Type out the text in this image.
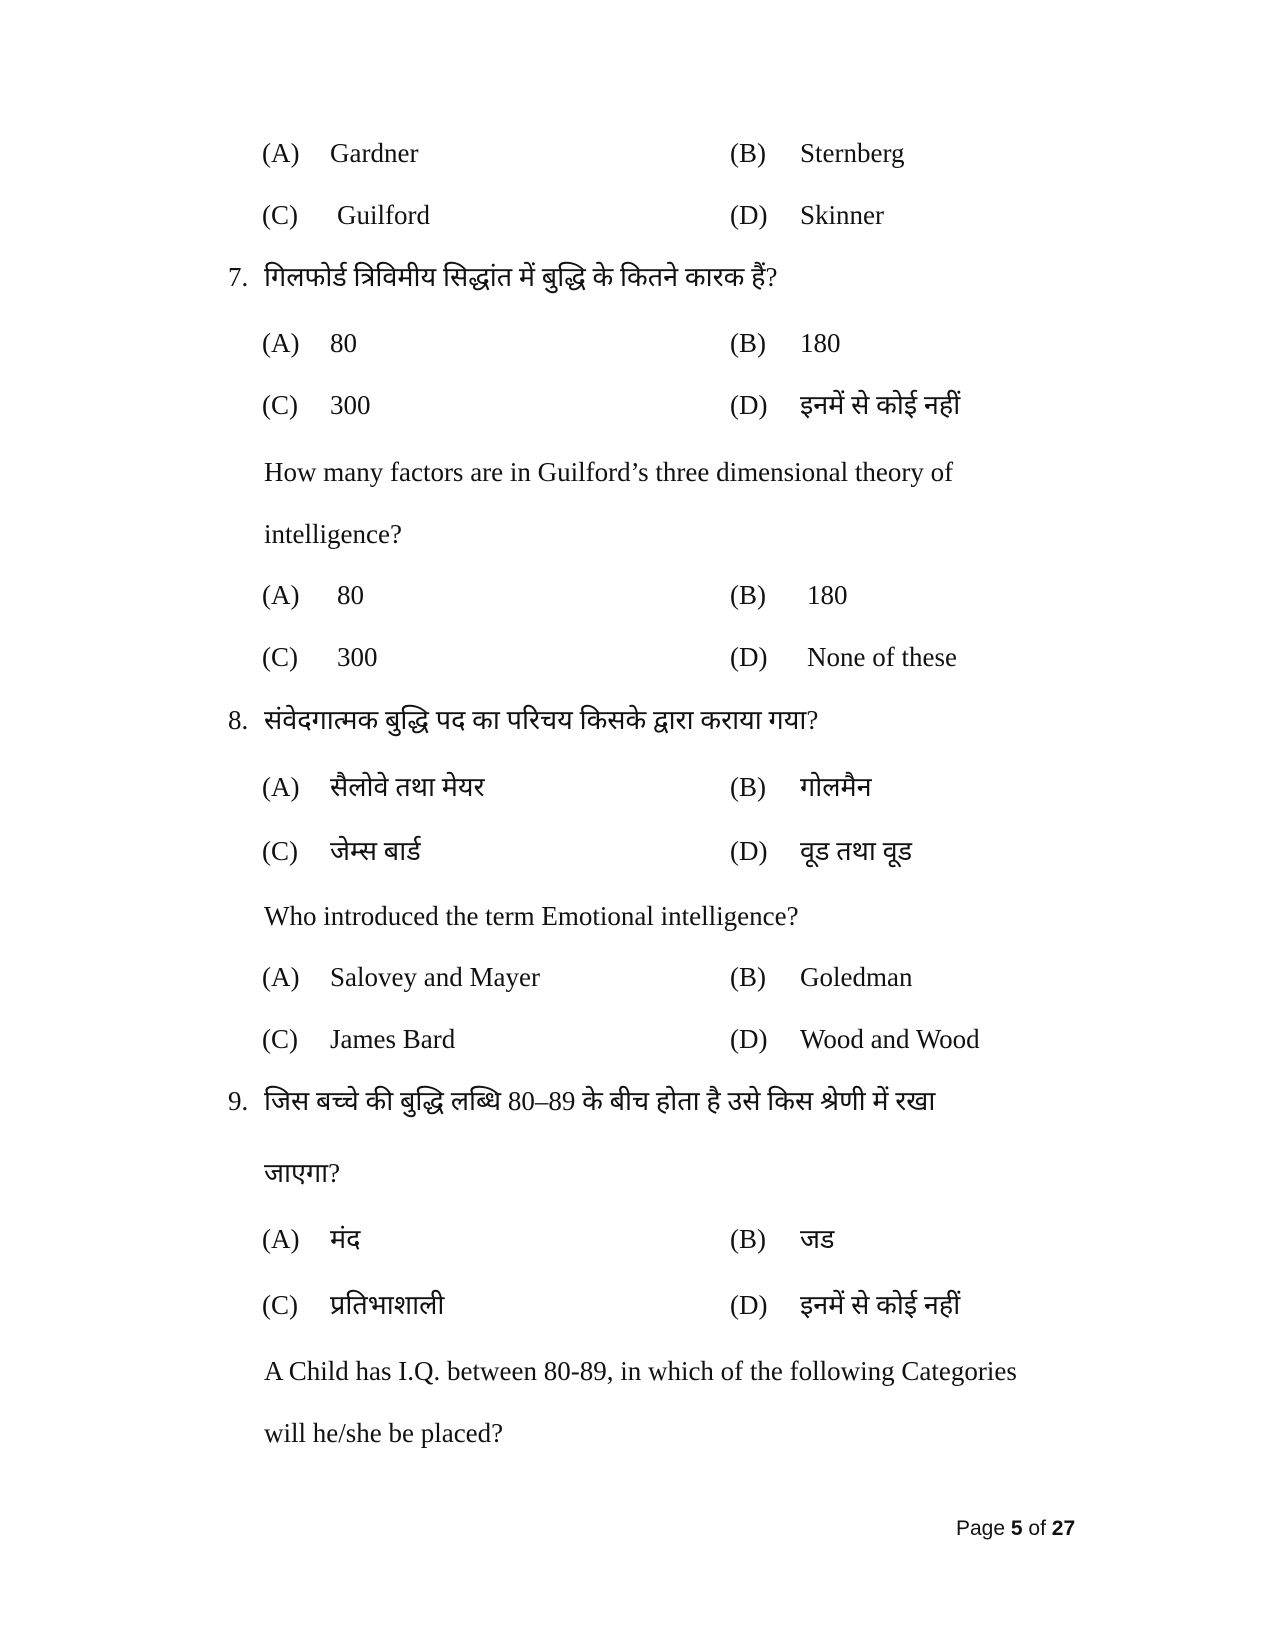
(A) Gardner	(B) Sternberg
(C) Guilford	(D) Skinner
7. गिलफोर्ड त्रिविमीय सिद्धांत में बुद्धि के कितने कारक हैं?
(A) 80	(B) 180
(C) 300	(D) इनमें से कोई नहीं
How many factors are in Guilford’s three dimensional theory of
intelligence?
(A) 80	(B) 180
(C) 300	(D) None of these
8. संवेदगात्मक बुद्धि पद का परिचय किसके द्वारा कराया गया?
(A) सैलोवे तथा मेयर	(B) गोलमैन
(C) जेम्स बार्ड	(D) वूड तथा वूड
Who introduced the term Emotional intelligence?
(A) Salovey and Mayer	(B) Goledman
(C) James Bard	(D) Wood and Wood
9. जिस बच्चे की बुद्धि लब्धि 80–89 के बीच होता है उसे किस श्रेणी में रखा
जाएगा?
(A) मंद	(B) जड
(C) प्रतिभाशाली	(D) इनमें से कोई नहीं
A Child has I.Q. between 80-89, in which of the following Categories
will he/she be placed?
Page 5 of 27
